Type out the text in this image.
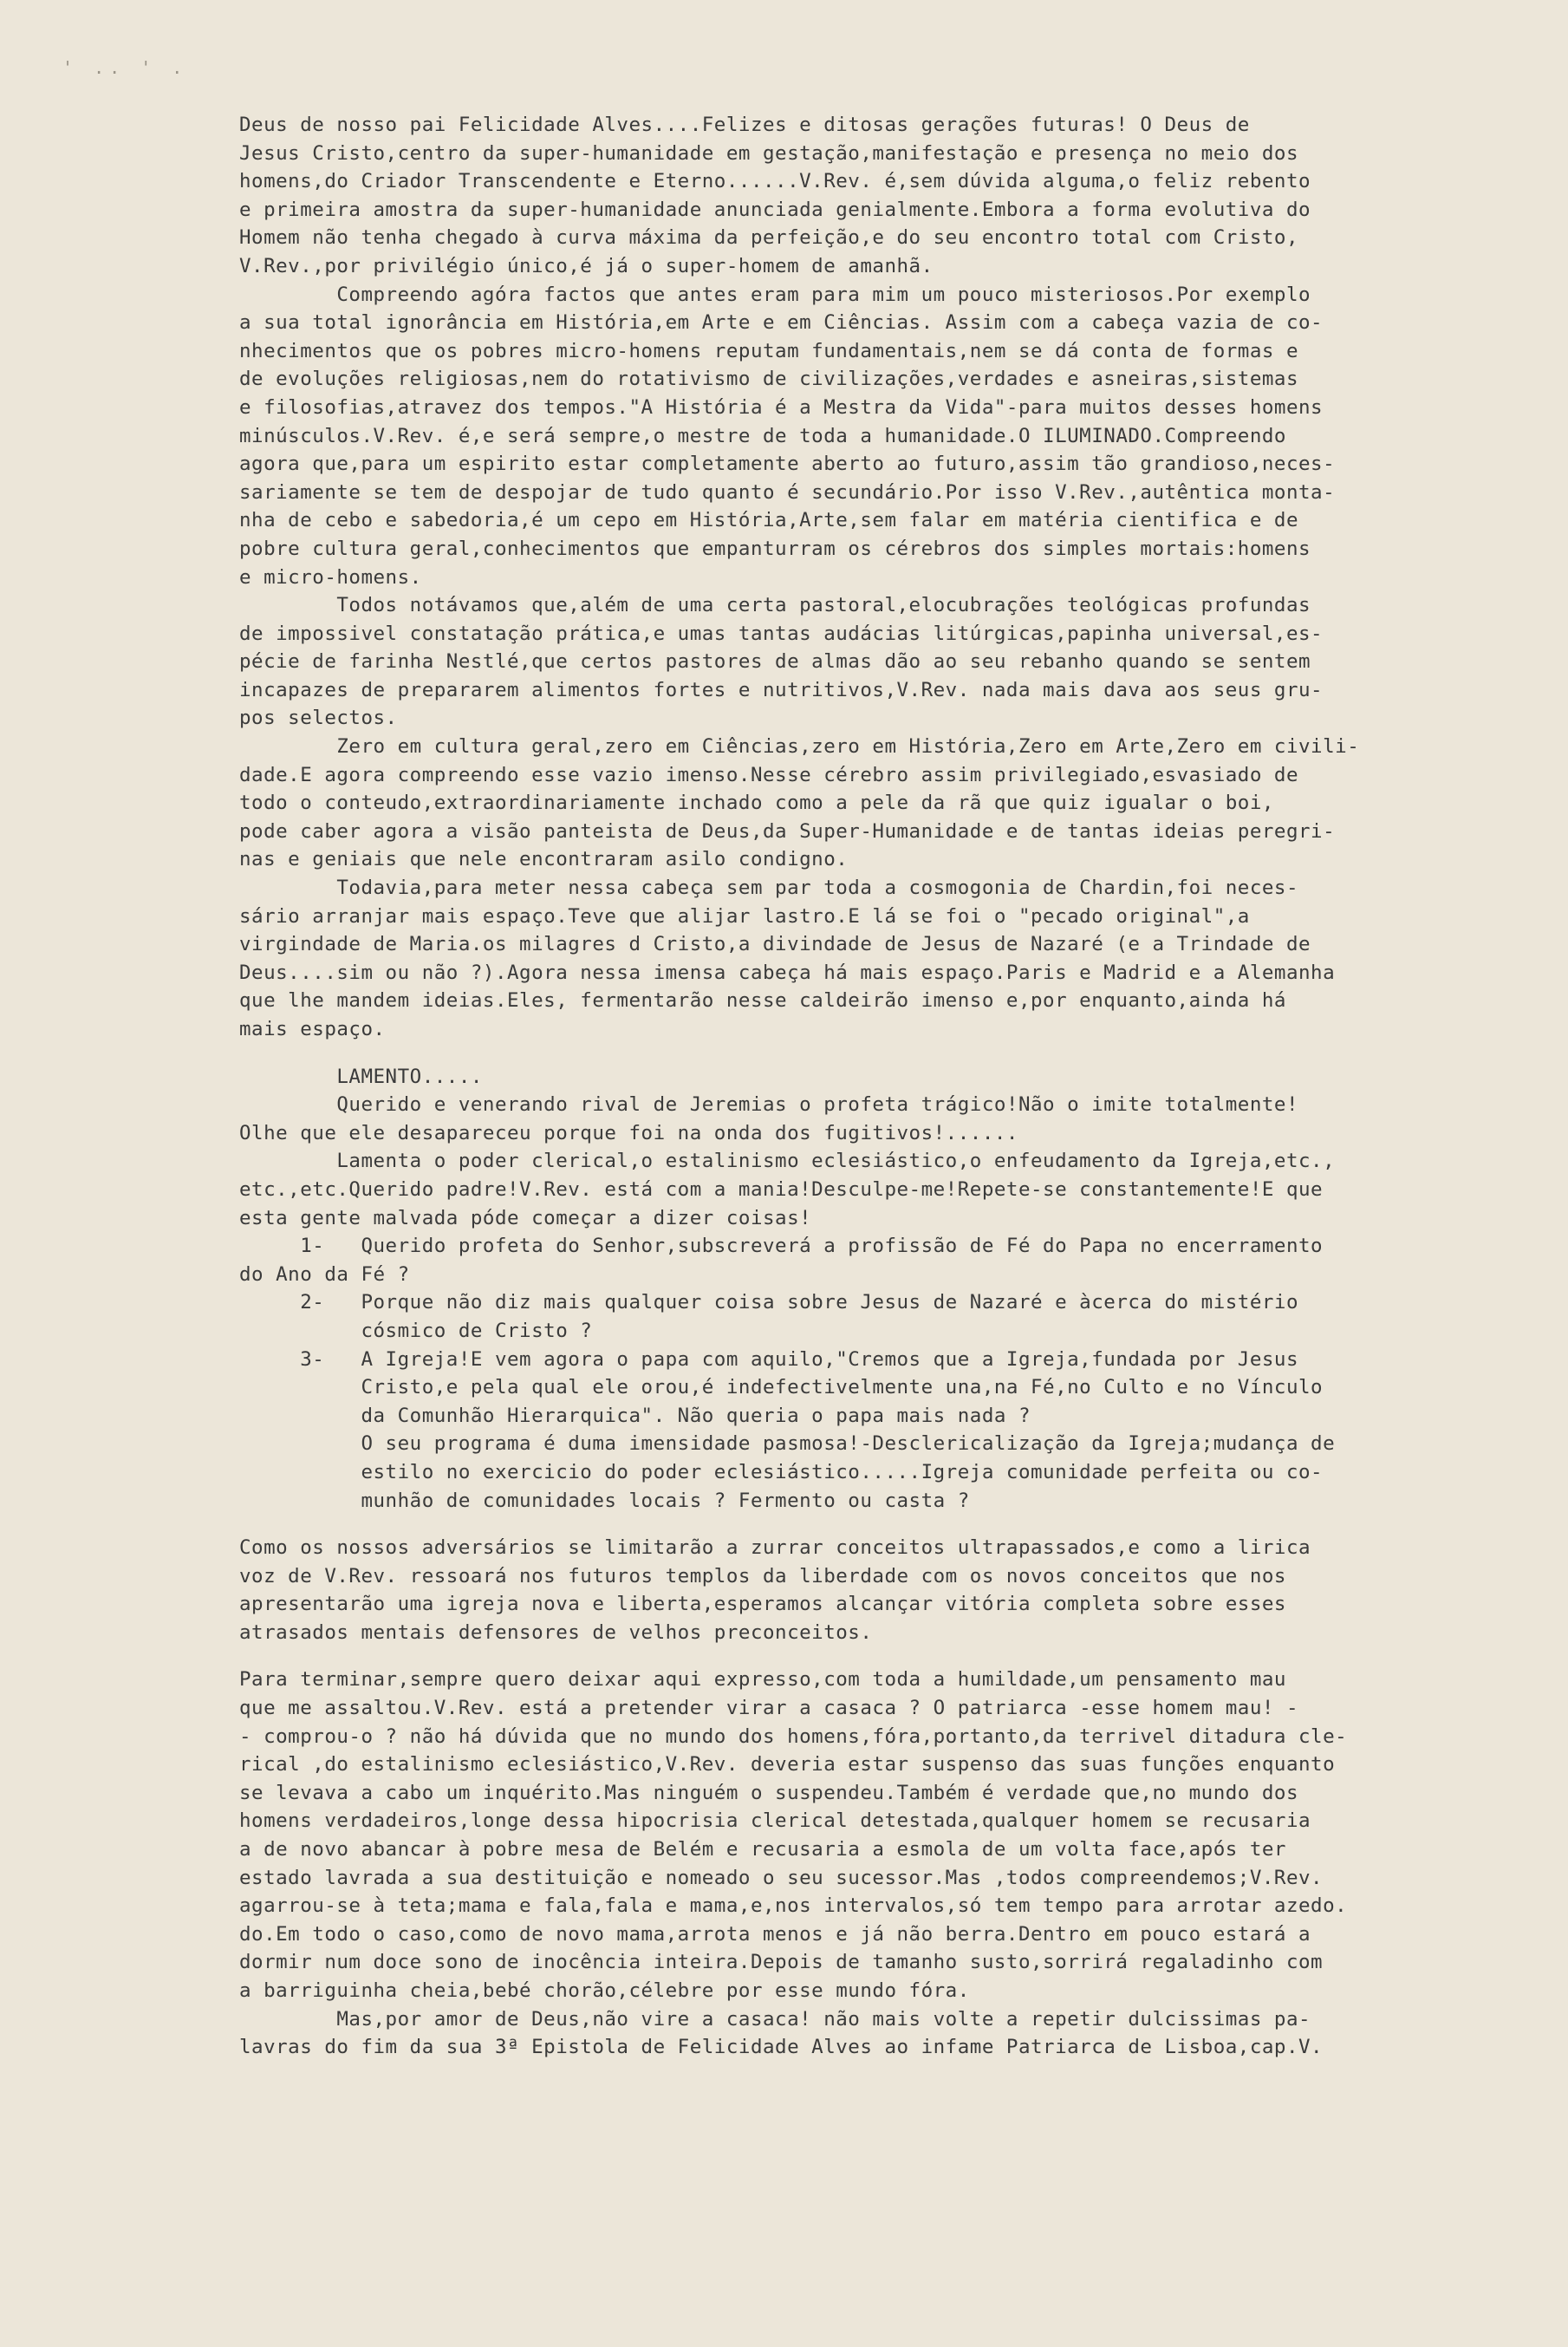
' .. ' .
Deus de nosso pai Felicidade Alves....Felizes e ditosas gerações futuras! O Deus de
Jesus Cristo,centro da super-humanidade em gestação,manifestação e presença no meio dos
homens,do Criador Transcendente e Eterno......V.Rev. é,sem dúvida alguma,o feliz rebento
e primeira amostra da super-humanidade anunciada genialmente.Embora a forma evolutiva do
Homem não tenha chegado à curva máxima da perfeição,e do seu encontro total com Cristo,
V.Rev.,por privilégio único,é já o super-homem de amanhã.
Compreendo agóra factos que antes eram para mim um pouco misteriosos.Por exemplo
a sua total ignorância em História,em Arte e em Ciências. Assim com a cabeça vazia de co-
nhecimentos que os pobres micro-homens reputam fundamentais,nem se dá conta de formas e
de evoluções religiosas,nem do rotativismo de civilizações,verdades e asneiras,sistemas
e filosofias,atravez dos tempos."A História é a Mestra da Vida"-para muitos desses homens
minúsculos.V.Rev. é,e será sempre,o mestre de toda a humanidade.O ILUMINADO.Compreendo
agora que,para um espirito estar completamente aberto ao futuro,assim tão grandioso,neces-
sariamente se tem de despojar de tudo quanto é secundário.Por isso V.Rev.,autêntica monta-
nha de cebo e sabedoria,é um cepo em História,Arte,sem falar em matéria cientifica e de
pobre cultura geral,conhecimentos que empanturram os cérebros dos simples mortais:homens
e micro-homens.
Todos notávamos que,além de uma certa pastoral,elocubrações teológicas profundas
de impossivel constatação prática,e umas tantas audácias litúrgicas,papinha universal,es-
pécie de farinha Nestlé,que certos pastores de almas dão ao seu rebanho quando se sentem
incapazes de prepararem alimentos fortes e nutritivos,V.Rev. nada mais dava aos seus gru-
pos selectos.
Zero em cultura geral,zero em Ciências,zero em História,Zero em Arte,Zero em civili-
dade.E agora compreendo esse vazio imenso.Nesse cérebro assim privilegiado,esvasiado de
todo o conteudo,extraordinariamente inchado como a pele da rã que quiz igualar o boi,
pode caber agora a visão panteista de Deus,da Super-Humanidade e de tantas ideias peregri-
nas e geniais que nele encontraram asilo condigno.
Todavia,para meter nessa cabeça sem par toda a cosmogonia de Chardin,foi neces-
sário arranjar mais espaço.Teve que alijar lastro.E lá se foi o "pecado original",a
virgindade de Maria.os milagres d Cristo,a divindade de Jesus de Nazaré (e a Trindade de
Deus....sim ou não ?).Agora nessa imensa cabeça há mais espaço.Paris e Madrid e a Alemanha
que lhe mandem ideias.Eles, fermentarão nesse caldeirão imenso e,por enquanto,ainda há
mais espaço.
LAMENTO.....
Querido e venerando rival de Jeremias o profeta trágico!Não o imite totalmente!
Olhe que ele desapareceu porque foi na onda dos fugitivos!......
Lamenta o poder clerical,o estalinismo eclesiástico,o enfeudamento da Igreja,etc.,
etc.,etc.Querido padre!V.Rev. está com a mania!Desculpe-me!Repete-se constantemente!E que
esta gente malvada póde começar a dizer coisas!
1-   Querido profeta do Senhor,subscreverá a profissão de Fé do Papa no encerramento
do Ano da Fé ?
2-   Porque não diz mais qualquer coisa sobre Jesus de Nazaré e àcerca do mistério
cósmico de Cristo ?
3-   A Igreja!E vem agora o papa com aquilo,"Cremos que a Igreja,fundada por Jesus
Cristo,e pela qual ele orou,é indefectivelmente una,na Fé,no Culto e no Vínculo
da Comunhão Hierarquica". Não queria o papa mais nada ?
O seu programa é duma imensidade pasmosa!-Desclericalização da Igreja;mudança de
estilo no exercicio do poder eclesiástico.....Igreja comunidade perfeita ou co-
munhão de comunidades locais ? Fermento ou casta ?
Como os nossos adversários se limitarão a zurrar conceitos ultrapassados,e como a lirica
voz de V.Rev. ressoará nos futuros templos da liberdade com os novos conceitos que nos
apresentarão uma igreja nova e liberta,esperamos alcançar vitória completa sobre esses
atrasados mentais defensores de velhos preconceitos.
Para terminar,sempre quero deixar aqui expresso,com toda a humildade,um pensamento mau
que me assaltou.V.Rev. está a pretender virar a casaca ? O patriarca -esse homem mau! -
- comprou-o ? não há dúvida que no mundo dos homens,fóra,portanto,da terrivel ditadura cle-
rical ,do estalinismo eclesiástico,V.Rev. deveria estar suspenso das suas funções enquanto
se levava a cabo um inquérito.Mas ninguém o suspendeu.Também é verdade que,no mundo dos
homens verdadeiros,longe dessa hipocrisia clerical detestada,qualquer homem se recusaria
a de novo abancar à pobre mesa de Belém e recusaria a esmola de um volta face,após ter
estado lavrada a sua destituição e nomeado o seu sucessor.Mas ,todos compreendemos;V.Rev.
agarrou-se à teta;mama e fala,fala e mama,e,nos intervalos,só tem tempo para arrotar azedo.
do.Em todo o caso,como de novo mama,arrota menos e já não berra.Dentro em pouco estará a
dormir num doce sono de inocência inteira.Depois de tamanho susto,sorrirá regaladinho com
a barriguinha cheia,bebé chorão,célebre por esse mundo fóra.
Mas,por amor de Deus,não vire a casaca! não mais volte a repetir dulcissimas pa-
lavras do fim da sua 3ª Epistola de Felicidade Alves ao infame Patriarca de Lisboa,cap.V.
